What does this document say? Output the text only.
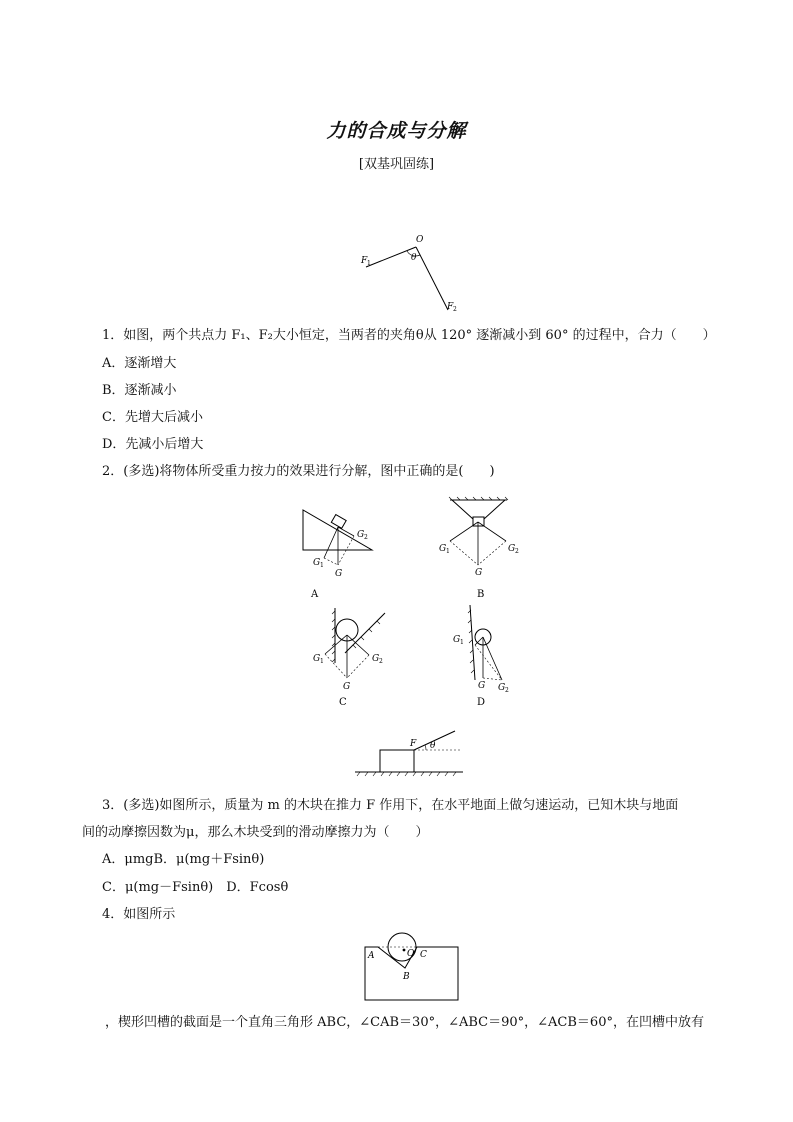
力的合成与分解
[双基巩固练]
O
θ
F 1
F 2
1．如图，两个共点力 F₁、F₂大小恒定，当两者的夹角θ从 120° 逐渐减小到 60° 的过程中，合力（　　）
A．逐渐增大
B．逐渐减小
C．先增大后减小
D．先减小后增大
2．(多选)将物体所受重力按力的效果进行分解，图中正确的是(　　)
G 2
G 1
G
A
G 1	G 2
G
B
G 1	G 2
G
C
G 1
G G 2
D
F θ
3．(多选)如图所示，质量为 m 的木块在推力 F 作用下，在水平地面上做匀速运动，已知木块与地面
间的动摩擦因数为μ，那么木块受到的滑动摩擦力为（　　）
A．μmgB．μ(mg＋Fsinθ)
C．μ(mg－Fsinθ)　D．Fcosθ
4．如图所示
A	O C
B
，楔形凹槽的截面是一个直角三角形 ABC，∠CAB＝30°，∠ABC＝90°，∠ACB＝60°，在凹槽中放有
